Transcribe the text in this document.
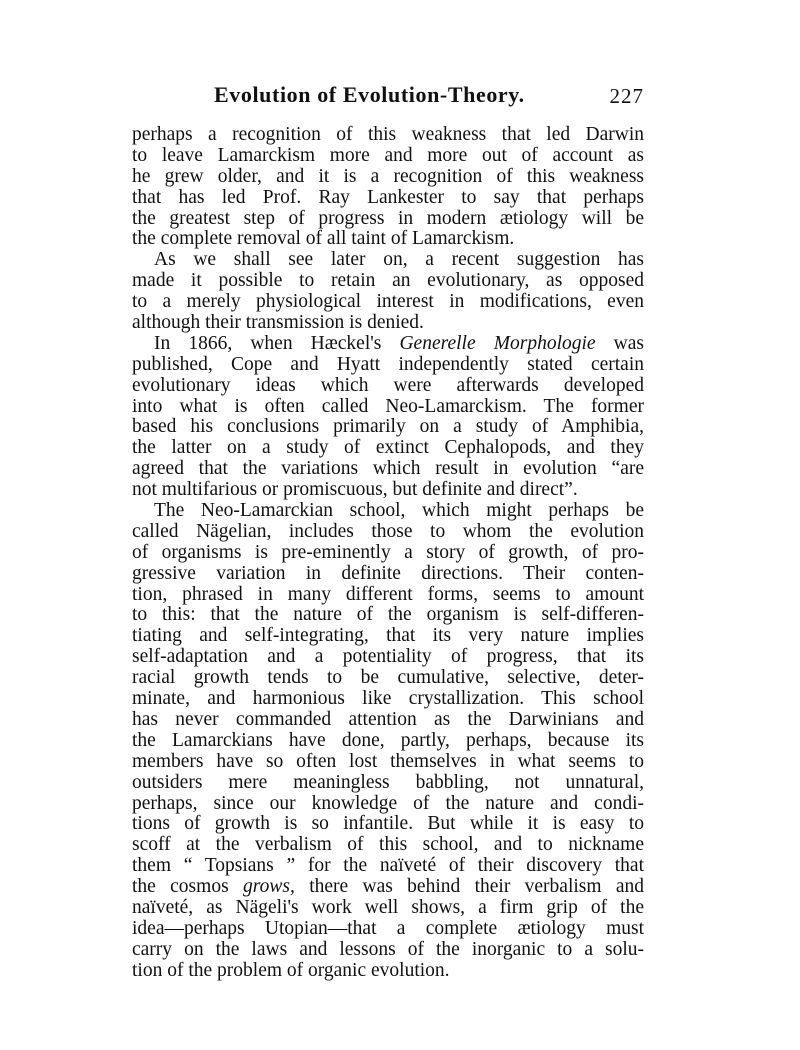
Evolution of Evolution-Theory.	227
perhaps a recognition of this weakness that led Darwin
to leave Lamarckism more and more out of account as
he grew older, and it is a recognition of this weakness
that has led Prof. Ray Lankester to say that perhaps
the greatest step of progress in modern ætiology will be
the complete removal of all taint of Lamarckism.
As we shall see later on, a recent suggestion has
made it possible to retain an evolutionary, as opposed
to a merely physiological interest in modifications, even
although their transmission is denied.
In 1866, when Hæckel's Generelle Morphologie was
published, Cope and Hyatt independently stated certain
evolutionary ideas which were afterwards developed
into what is often called Neo-Lamarckism. The former
based his conclusions primarily on a study of Amphibia,
the latter on a study of extinct Cephalopods, and they
agreed that the variations which result in evolution “are
not multifarious or promiscuous, but definite and direct”.
The Neo-Lamarckian school, which might perhaps be
called Nägelian, includes those to whom the evolution
of organisms is pre-eminently a story of growth, of pro-
gressive variation in definite directions. Their conten-
tion, phrased in many different forms, seems to amount
to this: that the nature of the organism is self-differen-
tiating and self-integrating, that its very nature implies
self-adaptation and a potentiality of progress, that its
racial growth tends to be cumulative, selective, deter-
minate, and harmonious like crystallization. This school
has never commanded attention as the Darwinians and
the Lamarckians have done, partly, perhaps, because its
members have so often lost themselves in what seems to
outsiders mere meaningless babbling, not unnatural,
perhaps, since our knowledge of the nature and condi-
tions of growth is so infantile. But while it is easy to
scoff at the verbalism of this school, and to nickname
them “ Topsians ” for the naïveté of their discovery that
the cosmos grows, there was behind their verbalism and
naïveté, as Nägeli's work well shows, a firm grip of the
idea—perhaps Utopian—that a complete ætiology must
carry on the laws and lessons of the inorganic to a solu-
tion of the problem of organic evolution.
